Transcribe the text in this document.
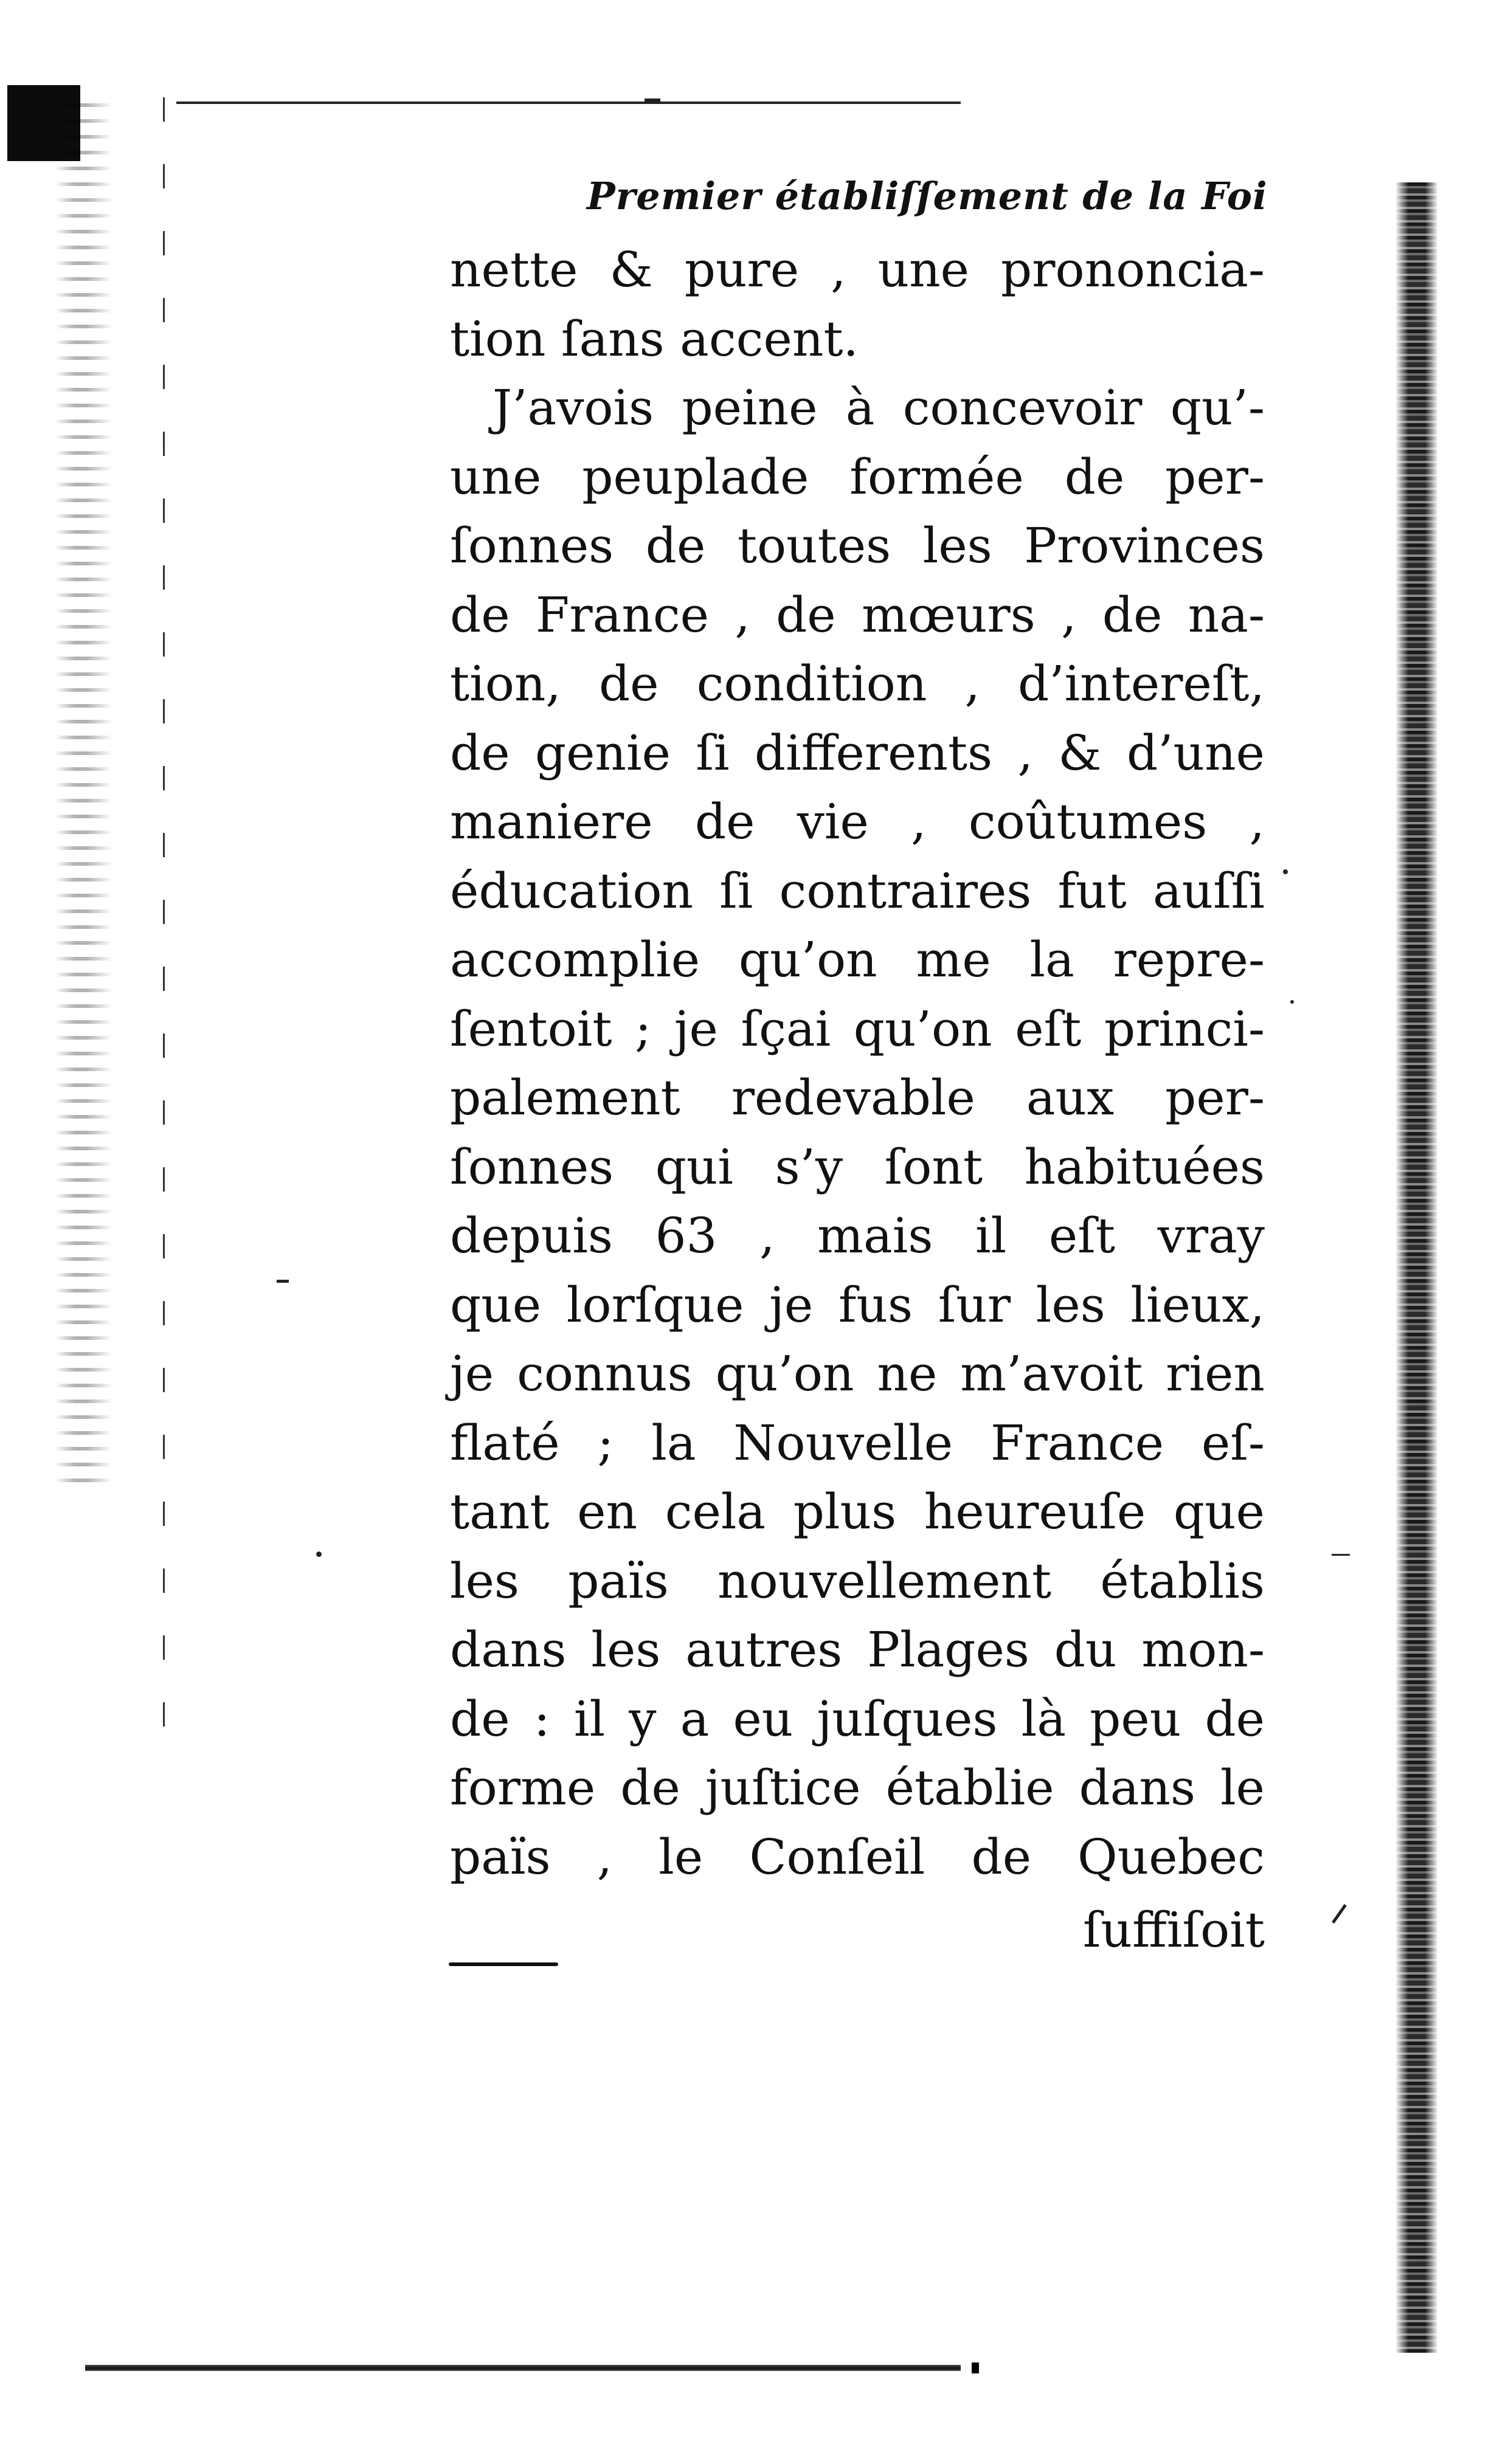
Premier établiſſement de la Foi
nette & pure , une prononcia-
tion ſans accent.
J’avois peine à concevoir qu’-
une peuplade formée de per-
ſonnes de toutes les Provinces
de France , de mœurs , de na-
tion, de condition , d’intereſt,
de genie ſi differents , & d’une
maniere de vie , coûtumes ,
éducation ſi contraires fut auſſi
accomplie qu’on me la repre-
ſentoit ; je ſçai qu’on eſt princi-
palement redevable aux per-
ſonnes qui s’y ſont habituées
depuis 63 , mais il eſt vray
que lorſque je fus ſur les lieux,
je connus qu’on ne m’avoit rien
flaté ; la Nouvelle France eſ-
tant en cela plus heureuſe que
les païs nouvellement établis
dans les autres Plages du mon-
de : il y a eu juſques là peu de
forme de juſtice établie dans le
païs , le Conſeil de Quebec
ſuffiſoit
